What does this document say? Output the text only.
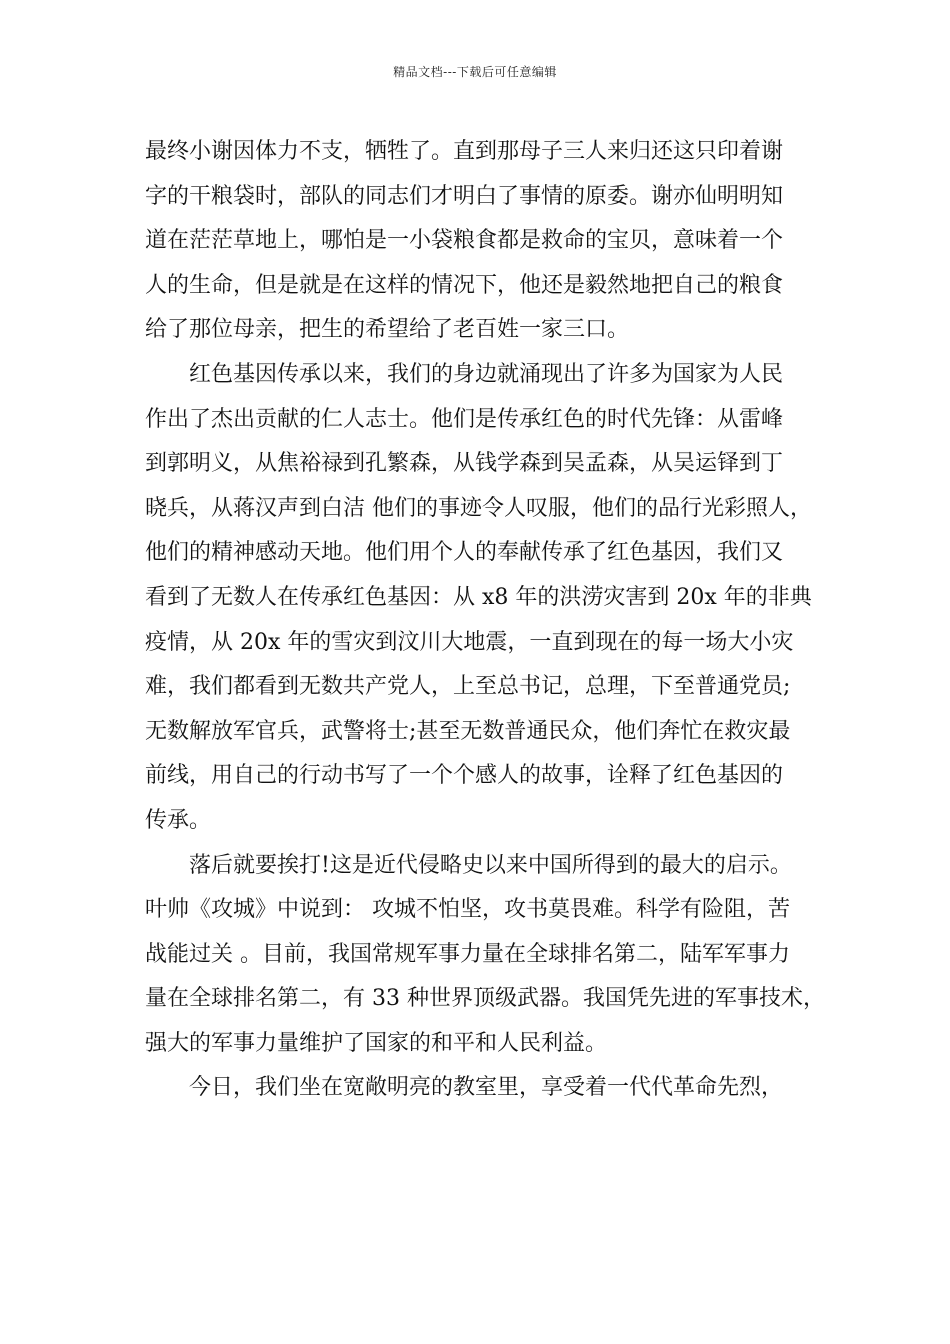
精品文档---下载后可任意编辑
最终小谢因体力不支，牺牲了。直到那母子三人来归还这只印着谢
字的干粮袋时，部队的同志们才明白了事情的原委。谢亦仙明明知
道在茫茫草地上，哪怕是一小袋粮食都是救命的宝贝，意味着一个
人的生命，但是就是在这样的情况下，他还是毅然地把自己的粮食
给了那位母亲，把生的希望给了老百姓一家三口。
　　红色基因传承以来，我们的身边就涌现出了许多为国家为人民
作出了杰出贡献的仁人志士。他们是传承红色的时代先锋：从雷峰
到郭明义，从焦裕禄到孔繁森，从钱学森到吴孟森，从吴运铎到丁
晓兵，从蒋汉声到白洁 他们的事迹令人叹服，他们的品行光彩照人，
他们的精神感动天地。他们用个人的奉献传承了红色基因，我们又
看到了无数人在传承红色基因：从 x8 年的洪涝灾害到 20x 年的非典
疫情，从 20x 年的雪灾到汶川大地震，一直到现在的每一场大小灾
难，我们都看到无数共产党人，上至总书记，总理，下至普通党员;
无数解放军官兵，武警将士;甚至无数普通民众，他们奔忙在救灾最
前线，用自己的行动书写了一个个感人的故事，诠释了红色基因的
传承。
　　落后就要挨打!这是近代侵略史以来中国所得到的最大的启示。
叶帅《攻城》中说到： 攻城不怕坚，攻书莫畏难。科学有险阻，苦
战能过关 。目前，我国常规军事力量在全球排名第二，陆军军事力
量在全球排名第二，有 33 种世界顶级武器。我国凭先进的军事技术，
强大的军事力量维护了国家的和平和人民利益。
　　今日，我们坐在宽敞明亮的教室里，享受着一代代革命先烈，
